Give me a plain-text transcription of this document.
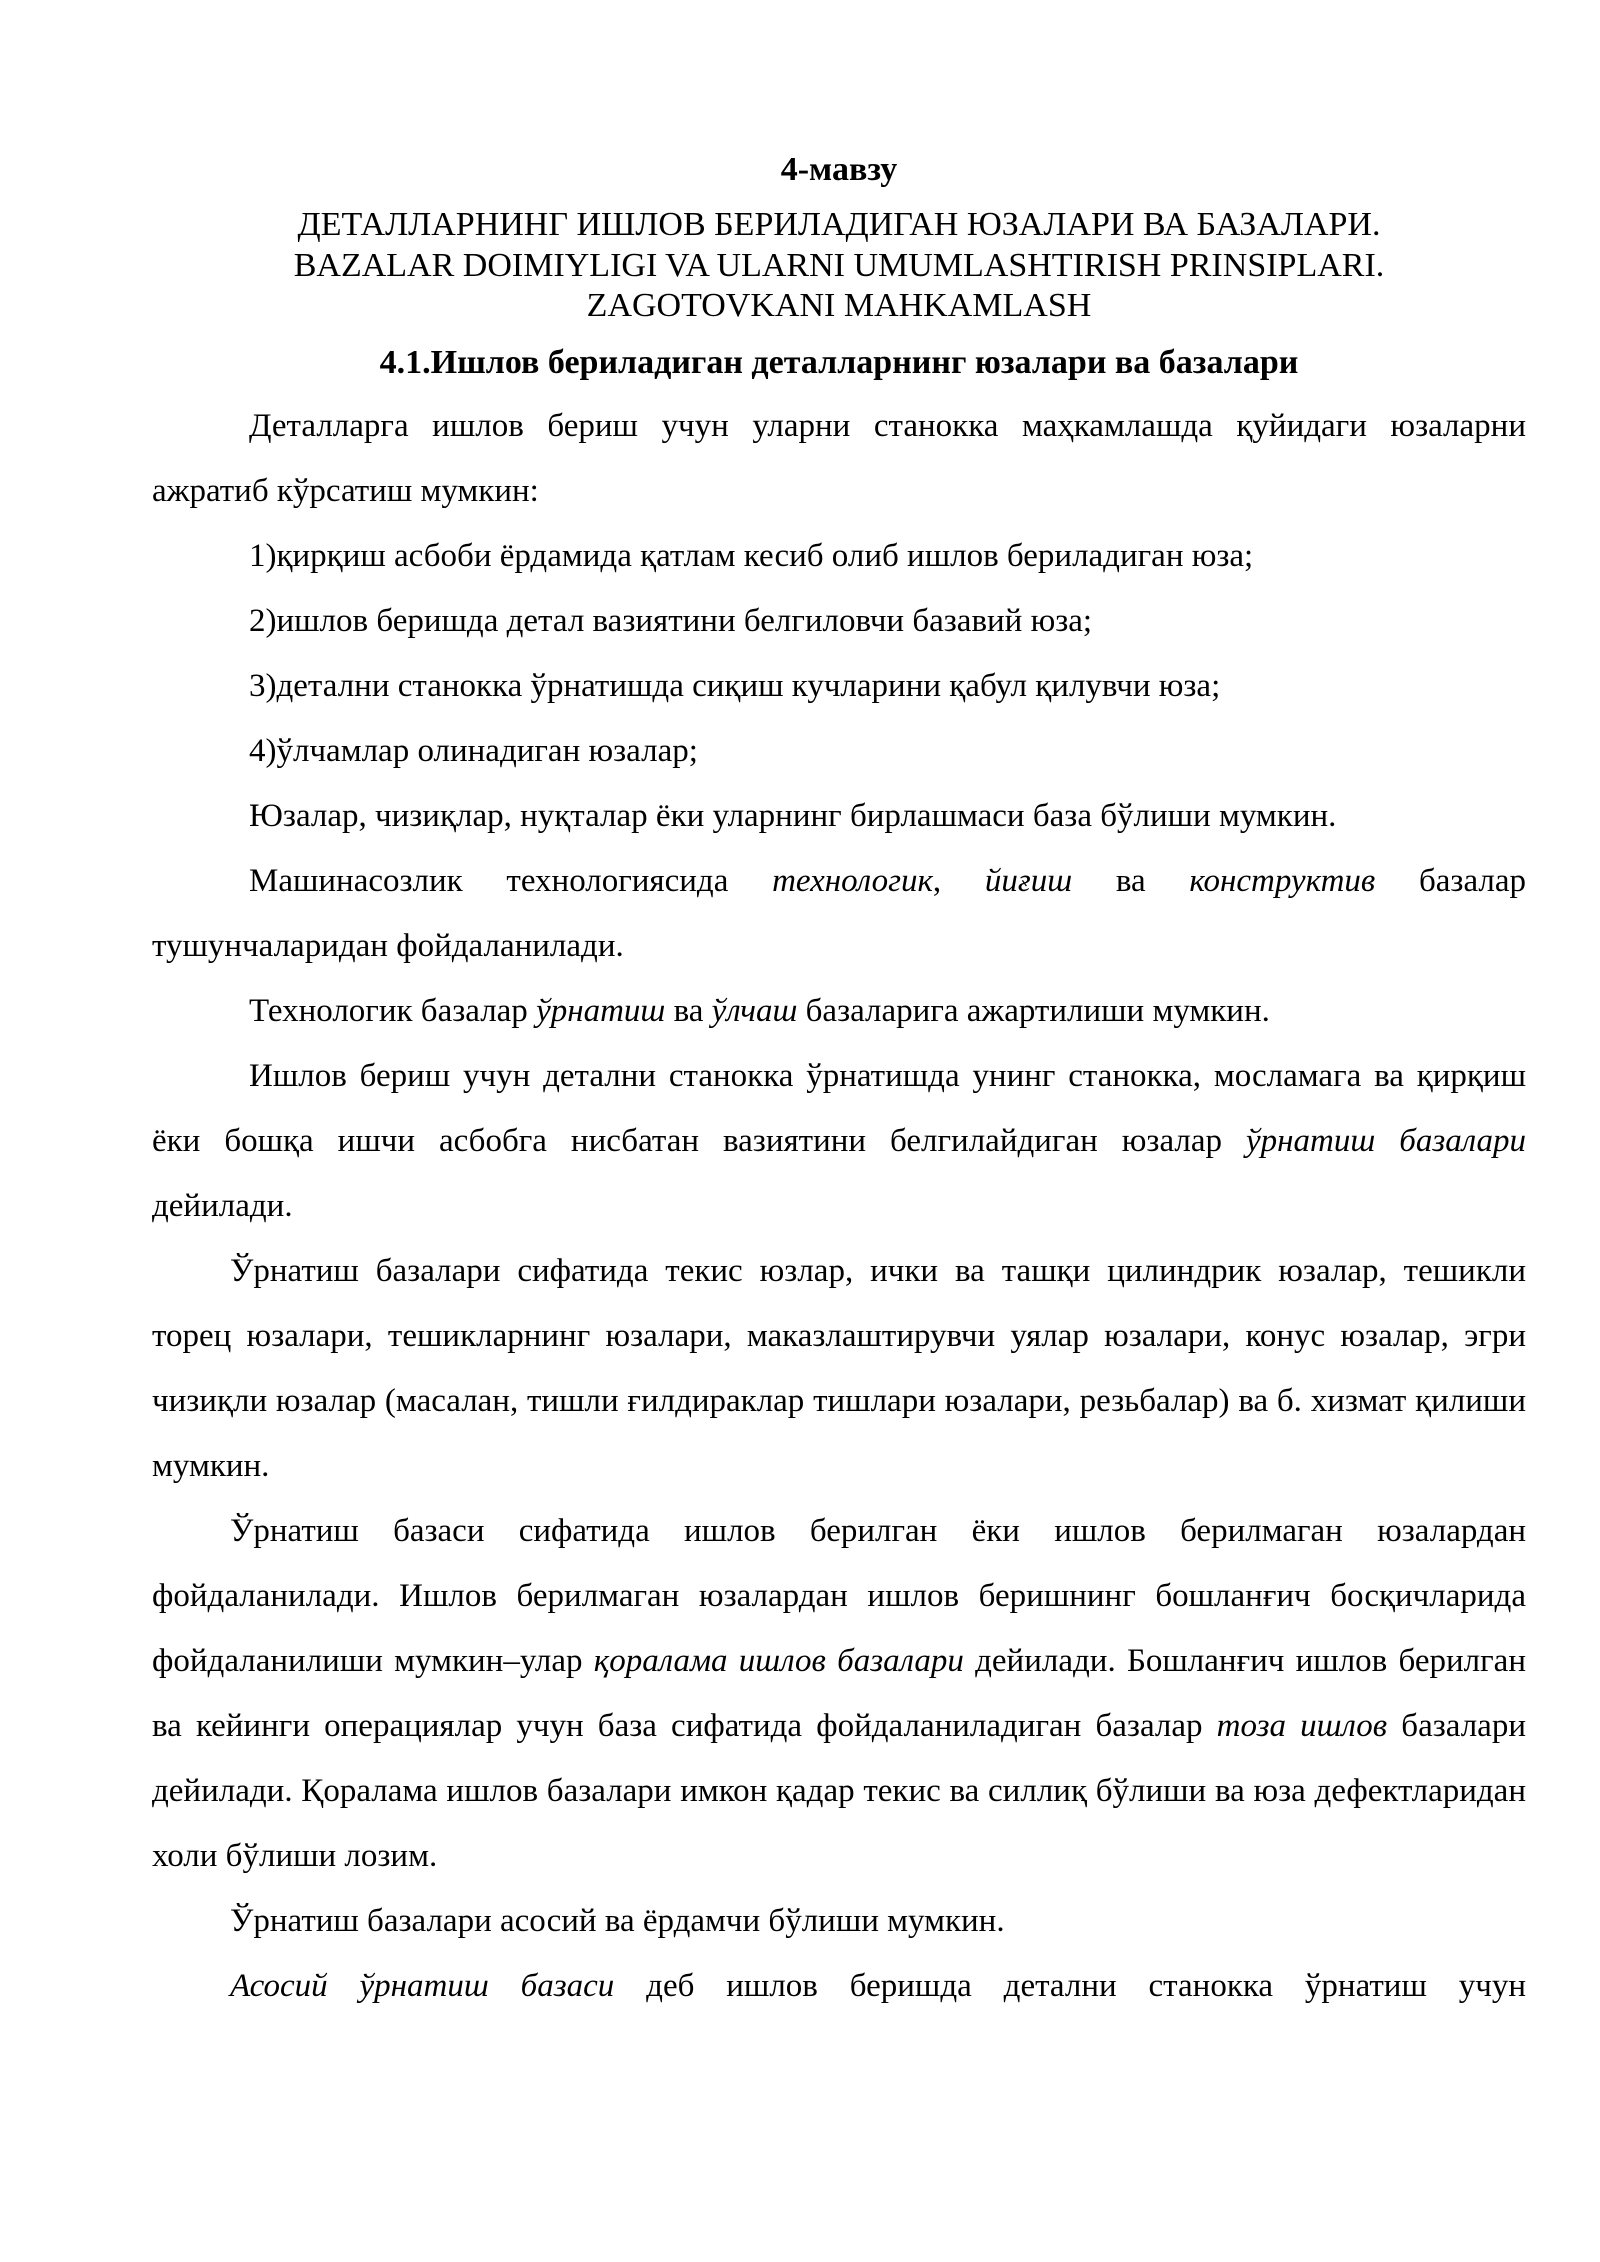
4-мавзу
ДЕТАЛЛАРНИНГ ИШЛОВ БЕРИЛАДИГАН ЮЗАЛАРИ ВА БАЗАЛАРИ.
BAZALAR DOIMIYLIGI VA ULARNI UMUMLASHTIRISH PRINSIPLARI.
ZAGOTOVKANI MAHKAMLASH
4.1.Ишлов бериладиган деталларнинг юзалари ва базалари

Деталларга ишлов бериш учун уларни станокка маҳкамлашда қуйидаги юзаларни ажратиб кўрсатиш мумкин:

1)қирқиш асбоби ёрдамида қатлам кесиб олиб ишлов бериладиган юза;

2)ишлов беришда детал вазиятини белгиловчи базавий юза;

3)детални станокка ўрнатишда сиқиш кучларини қабул қилувчи юза;

4)ўлчамлар олинадиган юзалар;

Юзалар, чизиқлар, нуқталар ёки уларнинг бирлашмаси база бўлиши мумкин.

Машинасозлик технологиясида технологик, йиғиш ва конструктив базалар тушунчаларидан фойдаланилади.

Технологик базалар ўрнатиш ва ўлчаш базаларига ажартилиши мумкин.

Ишлов бериш учун детални станокка ўрнатишда унинг станокка, мосламага ва қирқиш ёки бошқа ишчи асбобга нисбатан вазиятини белгилайдиган юзалар ўрнатиш базалари дейилади.

Ўрнатиш базалари сифатида текис юзлар, ички ва ташқи цилиндрик юзалар, тешикли торец юзалари, тешикларнинг юзалари, маказлаштирувчи уялар юзалари, конус юзалар, эгри чизиқли юзалар (масалан, тишли ғилдираклар тишлари юзалари, резьбалар) ва б. хизмат қилиши мумкин.

Ўрнатиш базаси сифатида ишлов берилган ёки ишлов берилмаган юзалардан фойдаланилади. Ишлов берилмаган юзалардан ишлов беришнинг бошланғич босқичларида фойдаланилиши мумкин–улар қоралама ишлов базалари дейилади. Бошланғич ишлов берилган ва кейинги операциялар учун база сифатида фойдаланиладиган базалар тоза ишлов базалари дейилади. Қоралама ишлов базалари имкон қадар текис ва силлиқ бўлиши ва юза дефектларидан холи бўлиши лозим.

Ўрнатиш базалари асосий ва ёрдамчи бўлиши мумкин.

Асосий ўрнатиш базаси деб ишлов беришда детални станокка ўрнатиш учун
